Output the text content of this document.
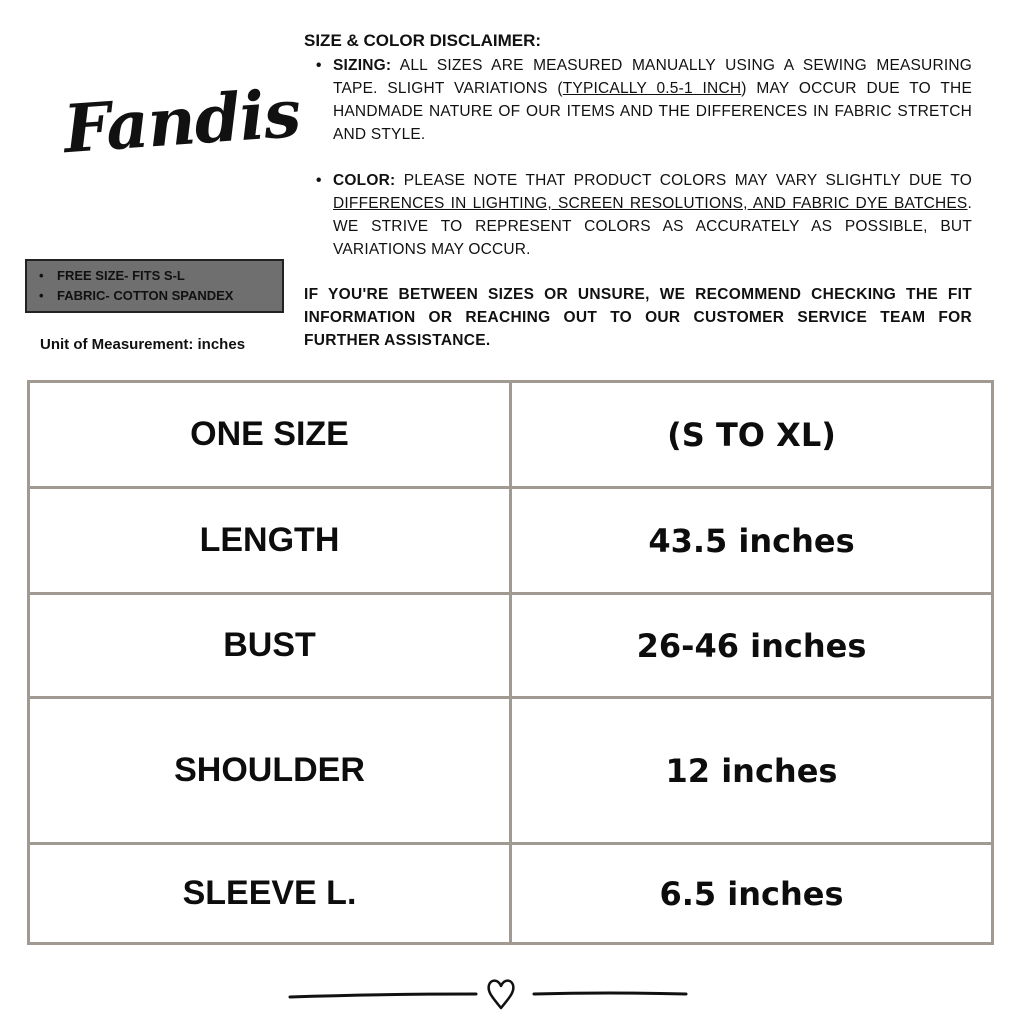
Fandis
• FREE SIZE- FITS S-L
• FABRIC- COTTON SPANDEX
Unit of Measurement: inches
SIZE & COLOR DISCLAIMER:
• SIZING: ALL SIZES ARE MEASURED MANUALLY USING A SEWING MEASURING TAPE. SLIGHT VARIATIONS (TYPICALLY 0.5-1 INCH) MAY OCCUR DUE TO THE HANDMADE NATURE OF OUR ITEMS AND THE DIFFERENCES IN FABRIC STRETCH AND STYLE.
• COLOR: PLEASE NOTE THAT PRODUCT COLORS MAY VARY SLIGHTLY DUE TO DIFFERENCES IN LIGHTING, SCREEN RESOLUTIONS, AND FABRIC DYE BATCHES. WE STRIVE TO REPRESENT COLORS AS ACCURATELY AS POSSIBLE, BUT VARIATIONS MAY OCCUR.
IF YOU'RE BETWEEN SIZES OR UNSURE, WE RECOMMEND CHECKING THE FIT INFORMATION OR REACHING OUT TO OUR CUSTOMER SERVICE TEAM FOR FURTHER ASSISTANCE.
ONE SIZE	(S TO XL)
LENGTH	43.5 inches
BUST	26-46 inches
SHOULDER	12 inches
SLEEVE L.	6.5 inches
